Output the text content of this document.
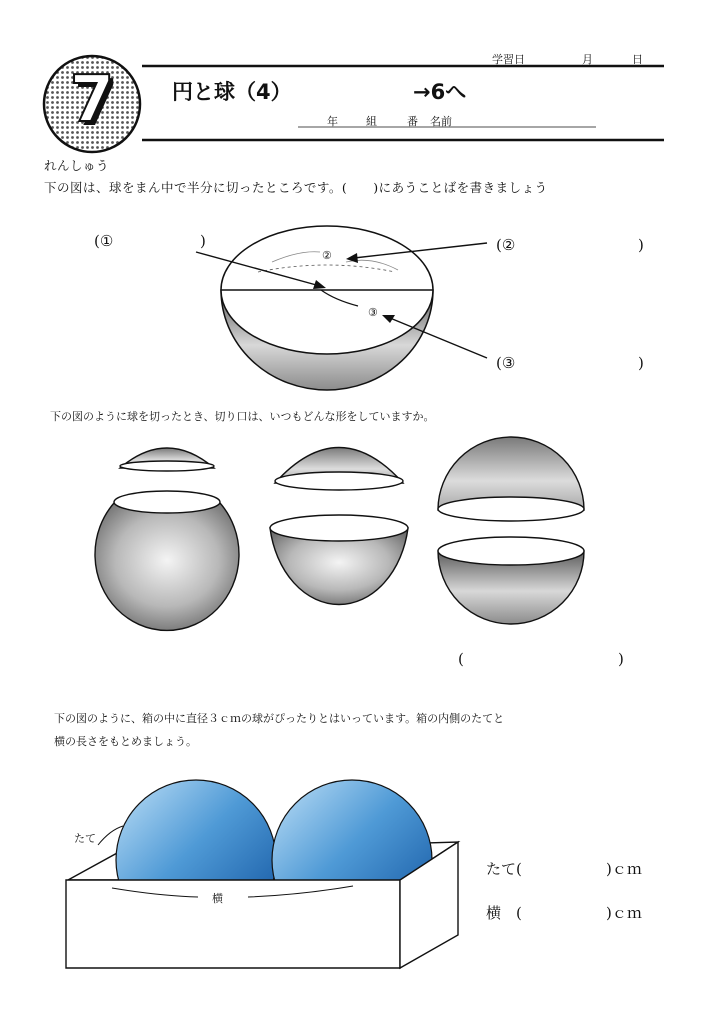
学習日	月	日
7	円と球（4）	→6へ
年	組	番 名前
れんしゅう
下の図は、球をまん中で半分に切ったところです。(　　)にあうことばを書きましょう
(①	)	(②	)
(③	)
②
③
下の図のように球を切ったとき、切り口は、いつもどんな形をしていますか。
(	)
下の図のように、箱の中に直径３ｃｍの球がぴったりとはいっています。箱の内側のたてと
横の長さをもとめましょう。
たて
横
たて(	)ｃｍ
横　(	)ｃｍ
